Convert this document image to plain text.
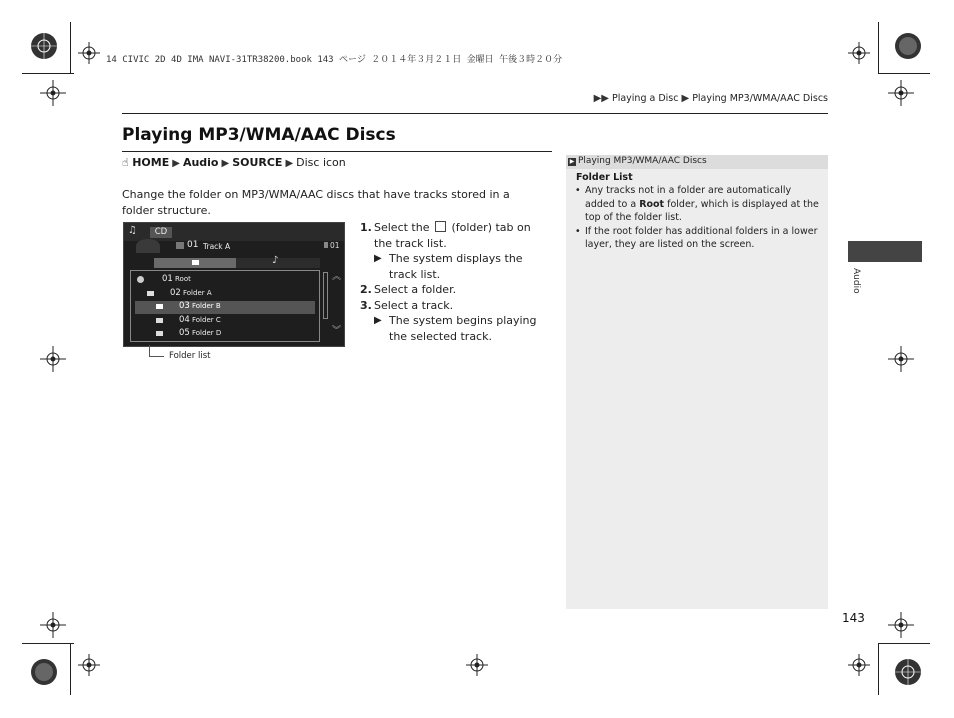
14 CIVIC 2D 4D IMA NAVI-31TR38200.book 143 ページ ２０１４年３月２１日 金曜日 午後３時２０分
▶▶ Playing a Disc ▶ Playing MP3/WMA/AAC Discs
Playing MP3/WMA/AAC Discs
☝ HOME ▶ Audio ▶ SOURCE ▶ Disc icon
Change the folder on MP3/WMA/AAC discs that have tracks stored in a folder structure.
♫	CD
01 Track A	01
♪
01 Root
02 Folder A
03 Folder B
04 Folder C
05 Folder D
︽
︾
Folder list
1. Select the (folder) tab on the track list.
▶ The system displays the track list.
2. Select a folder.
3. Select a track.
▶ The system begins playing the selected track.
▶ Playing MP3/WMA/AAC Discs
Folder List
• Any tracks not in a folder are automatically added to a Root folder, which is displayed at the top of the folder list.
• If the root folder has additional folders in a lower layer, they are listed on the screen.
Audio
143
